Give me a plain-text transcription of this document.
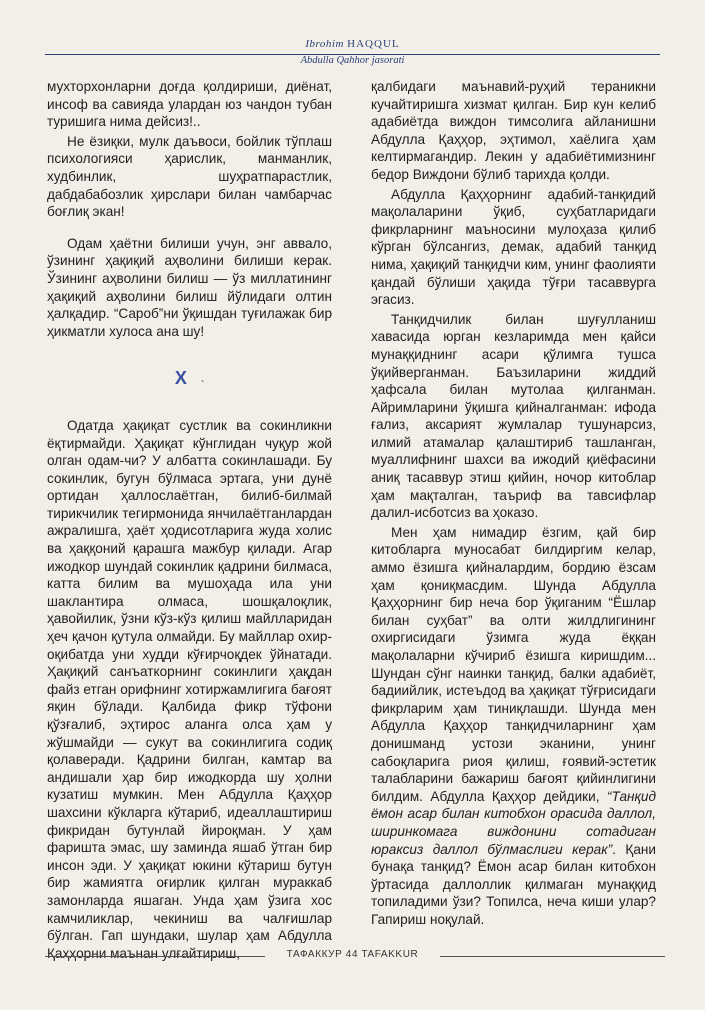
Ibrohim HAQQUL
Abdulla Qahhor jasorati

мухторхонларни доғда қолдириши, диёнат, инсоф ва савияда улардан юз чандон тубан туришига нима дейсиз!..

Не ёзиқки, мулк даъвоси, бойлик тўплаш психологияси ҳарислик, манманлик, худбинлик, шуҳратпарастлик, дабдабабозлик ҳирслари билан чамбарчас боғлиқ экан!

Одам ҳаётни билиши учун, энг аввало, ўзининг ҳақиқий аҳволини билиши керак. Ўзининг аҳволини билиш — ўз миллатининг ҳақиқий аҳволини билиш йўлидаги олтин ҳалқадир. “Сароб”ни ўқишдан туғилажак бир ҳикматли хулоса ана шу!

Х $_ˋ$

Одатда ҳақиқат сустлик ва сокинликни ёқтирмайди. Ҳақиқат кўнглидан чуқур жой олган одам-чи? У албатта сокинлашади. Бу сокинлик, бугун бўлмаса эртага, уни дунё ортидан ҳаллослаётган, билиб-билмай тирикчилик тегирмонида янчилаётганлардан ажралишга, ҳаёт ҳодисотларига жуда холис ва ҳаққоний қарашга мажбур қилади. Агар ижодкор шундай сокинлик қадрини билмаса, катта билим ва мушоҳада ила уни шаклантира олмаса, шошқалоқлик, ҳавойилик, ўзни кўз-кўз қилиш майлларидан ҳеч қачон қутула олмайди. Бу майллар охир-оқибатда уни худди кўғирчоқдек ўйнатади. Ҳақиқий санъаткорнинг сокинлиги ҳақдан файз етган орифнинг хотиржамлигига бағоят яқин бўлади. Қалбида фикр тўфони қўзғалиб, эҳтирос аланга олса ҳам у жўшмайди — сукут ва сокинлигига содиқ қолаверади. Қадрини билган, камтар ва андишали ҳар бир ижодкорда шу ҳолни кузатиш мумкин. Мен Абдулла Қаҳҳор шахсини кўкларга кўтариб, идеаллаштириш фикридан бутунлай йироқман. У ҳам фаришта эмас, шу заминда яшаб ўтган бир инсон эди. У ҳақиқат юкини кўтариш бутун бир жамиятга оғирлик қилган мураккаб замонларда яшаган. Унда ҳам ўзига хос камчиликлар, чекиниш ва чалғишлар бўлган. Гап шундаки, шулар ҳам Абдулла Қаҳҳорни маънан улғайтириш,

қалбидаги маънавий-руҳий тераникни кучайтиришга хизмат қилган. Бир кун келиб адабиётда виждон тимсолига айланишни Абдулла Қаҳҳор, эҳтимол, хаёлига ҳам келтирмагандир. Лекин у адабиётимизнинг бедор Виждони бўлиб тарихда қолди.

Абдулла Қаҳҳорнинг адабий-танқидий мақолаларини ўқиб, суҳбатларидаги фикрларнинг маъносини мулоҳаза қилиб кўрган бўлсангиз, демак, адабий танқид нима, ҳақиқий танқидчи ким, унинг фаолияти қандай бўлиши ҳақида тўғри тасаввурга эгасиз.

Танқидчилик билан шуғулланиш хавасида юрган кезларимда мен қайси мунаққиднинг асари қўлимга тушса ўқийверганман. Баъзиларини жиддий ҳафсала билан мутолаа қилганман. Айримларини ўқишга қийналганман: ифода ғализ, аксарият жумлалар тушунарсиз, илмий атамалар қалаштириб ташланган, муаллифнинг шахси ва ижодий қиёфасини аниқ тасаввур этиш қийин, ночор китоблар ҳам мақталган, таъриф ва тавсифлар далил-исботсиз ва ҳоказо.

Мен ҳам нимадир ёзгим, қай бир китобларга муносабат билдиргим келар, аммо ёзишга қийналардим, бордию ёзсам ҳам қониқмасдим. Шунда Абдулла Қаҳҳорнинг бир неча бор ўқиганим “Ёшлар билан суҳбат” ва олти жилдлигининг охиргисидаги ўзимга жуда ёққан мақолаларни кўчириб ёзишга киришдим... Шундан сўнг наинки танқид, балки адабиёт, бадиийлик, истеъдод ва ҳақиқат тўғрисидаги фикрларим ҳам тиниқлашди. Шунда мен Абдулла Қаҳҳор танқидчиларнинг ҳам донишманд устози эканини, унинг сабоқларига риоя қилиш, ғоявий-эстетик талабларини бажариш бағоят қийинлигини билдим. Абдулла Қаҳҳор дейдики, “Танқид ёмон асар билан китобхон орасида даллол, ширинкомага виждонини сотадиган юраксиз даллол бўлмаслиги керак”. Қани бунақа танқид? Ёмон асар билан китобхон ўртасида даллоллик қилмаган мунаққид топиладими ўзи? Топилса, неча киши улар? Гапириш ноқулай.

ТАФАККУР 44 TAFAKKUR
